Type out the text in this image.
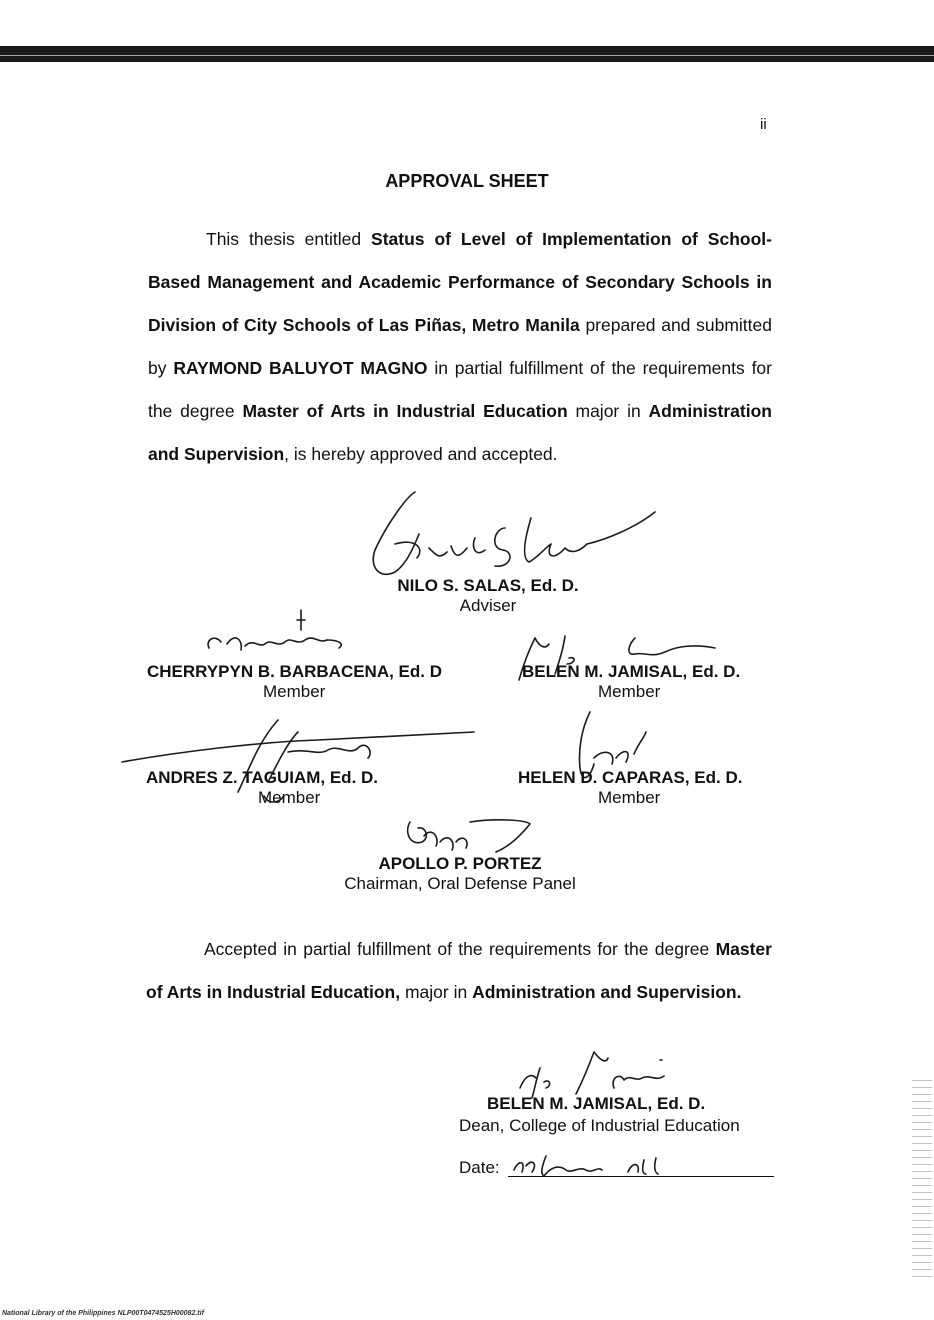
ii
APPROVAL SHEET
This thesis entitled Status of Level of Implementation of School-Based Management and Academic Performance of Secondary Schools in Division of City Schools of Las Piñas, Metro Manila prepared and submitted by RAYMOND BALUYOT MAGNO in partial fulfillment of the requirements for the degree Master of Arts in Industrial Education major in Administration and Supervision, is hereby approved and accepted.
NILO S. SALAS, Ed. D.
Adviser
CHERRYPYN B. BARBACENA, Ed. D
Member
BELEN M. JAMISAL, Ed. D.
Member
ANDRES Z. TAGUIAM, Ed. D.
Member
HELEN D. CAPARAS, Ed. D.
Member
APOLLO P. PORTEZ
Chairman, Oral Defense Panel
Accepted in partial fulfillment of the requirements for the degree Master of Arts in Industrial Education, major in Administration and Supervision.
BELEN M. JAMISAL, Ed. D.
Dean, College of Industrial Education
Date:
National Library of the Philippines NLP00T0474525H00082.tif
